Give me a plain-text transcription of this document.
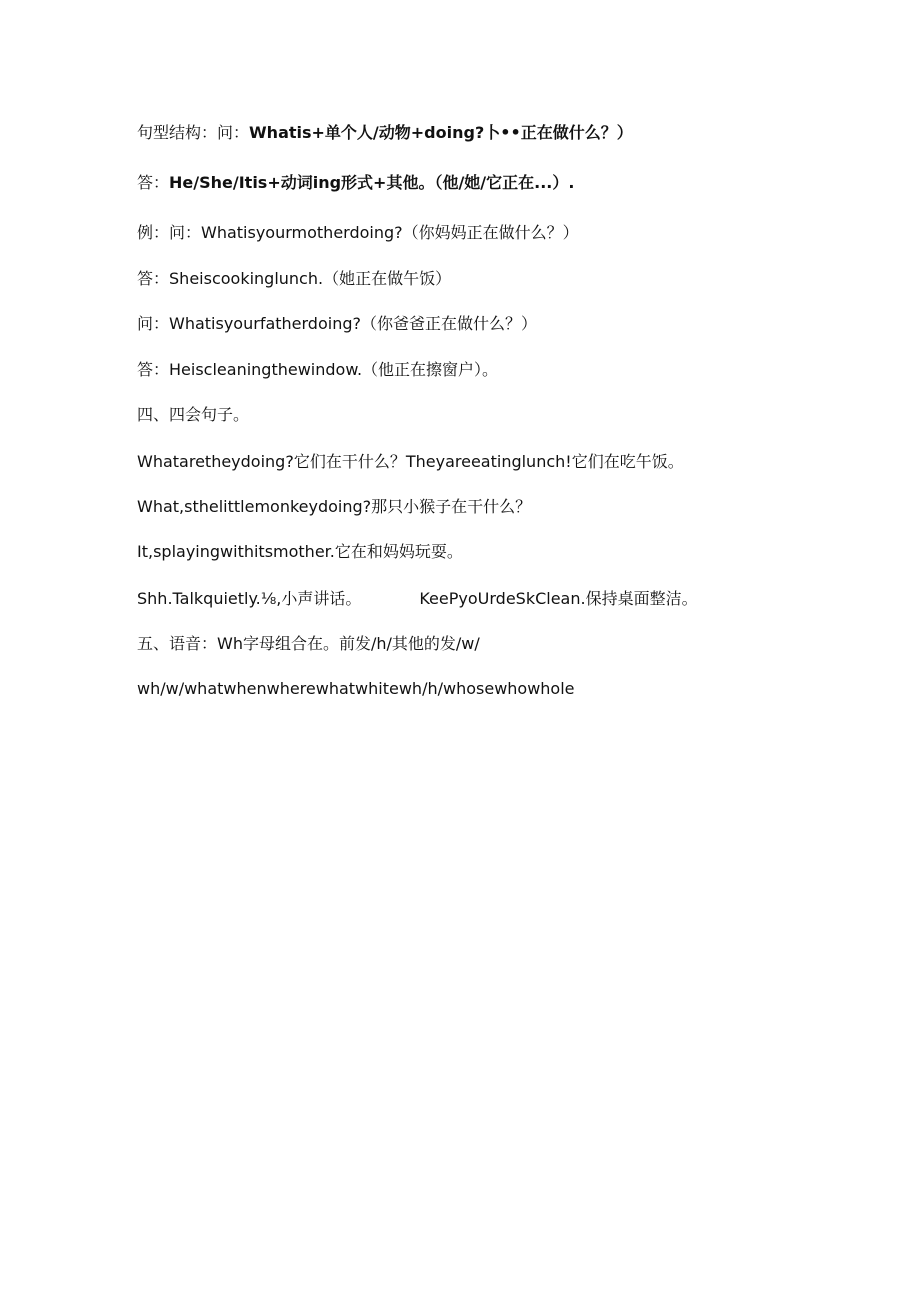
句型结构：问：Whatis+单个人/动物+doing?卜••正在做什么？）
答：He/She/Itis+动词ing形式+其他。（他/她/它正在...）.
例：问：Whatisyourmotherdoing?（你妈妈正在做什么？）
答：Sheiscookinglunch.（她正在做午饭）
问：Whatisyourfatherdoing?（你爸爸正在做什么？）
答：Heiscleaningthewindow.（他正在擦窗户）。
四、四会句子。
Whataretheydoing?它们在干什么？Theyareeatinglunch!它们在吃午饭。
What,sthelittlemonkeydoing?那只小猴子在干什么？
It,splayingwithitsmother.它在和妈妈玩耍。
Shh.Talkquietly.⅛,小声讲话。	KeePyoUrdeSkClean.保持桌面整洁。
五、语音：Wh字母组合在。前发/h/其他的发/w/
wh/w/whatwhenwherewhatwhitewh/h/whosewhowhole
